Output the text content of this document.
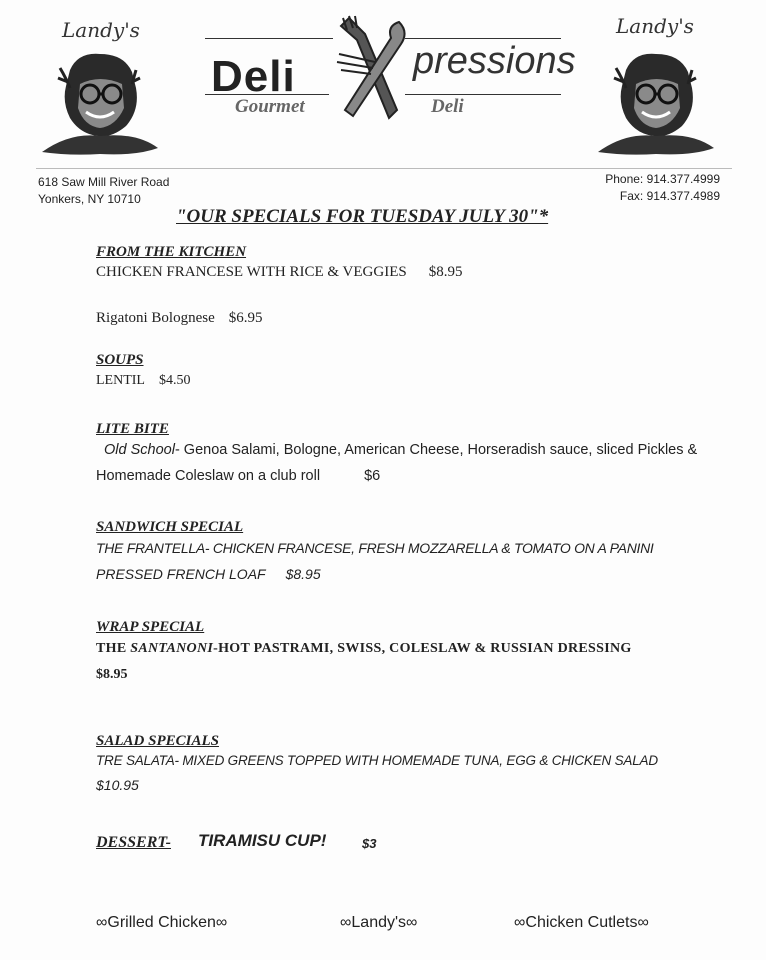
Landy's
Deli	pressions
Gourmet	Deli
Landy's
618 Saw Mill River Road
Yonkers, NY 10710
Phone: 914.377.4999
Fax: 914.377.4989
"OUR SPECIALS FOR TUESDAY JULY 30"*
FROM THE KITCHEN
CHICKEN FRANCESE WITH RICE & VEGGIES $8.95
Rigatoni Bolognese $6.95
SOUPS
LENTIL $4.50
LITE BITE
Old School- Genoa Salami, Bologne, American Cheese, Horseradish sauce, sliced Pickles &
Homemade Coleslaw on a club roll	$6
SANDWICH SPECIAL
THE FRANTELLA- CHICKEN FRANCESE, FRESH MOZZARELLA & TOMATO ON A PANINI
PRESSED FRENCH LOAF $8.95
WRAP SPECIAL
THE SANTANONI-HOT PASTRAMI, SWISS, COLESLAW & RUSSIAN DRESSING
$8.95
SALAD SPECIALS
TRE SALATA- MIXED GREENS TOPPED WITH HOMEMADE TUNA, EGG & CHICKEN SALAD
$10.95
DESSERT- TIRAMISU CUP!	$3
∞Grilled Chicken∞	∞Landy's∞	∞Chicken Cutlets∞
